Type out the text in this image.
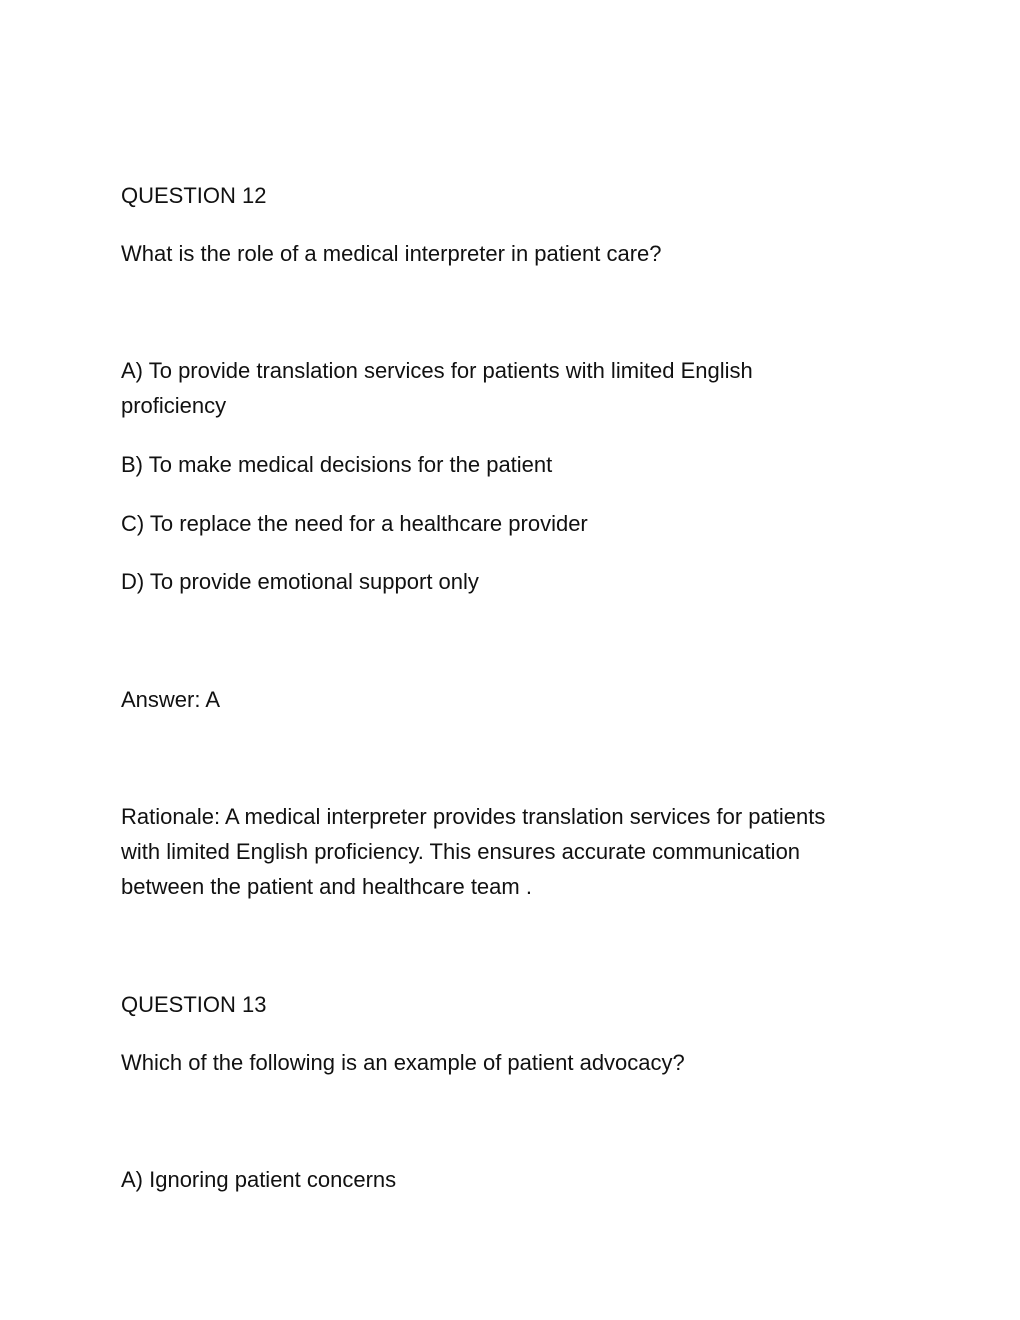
QUESTION 12
What is the role of a medical interpreter in patient care?
A) To provide translation services for patients with limited English proficiency
B) To make medical decisions for the patient
C) To replace the need for a healthcare provider
D) To provide emotional support only
Answer: A
Rationale: A medical interpreter provides translation services for patients with limited English proficiency. This ensures accurate communication between the patient and healthcare team .
QUESTION 13
Which of the following is an example of patient advocacy?
A) Ignoring patient concerns
